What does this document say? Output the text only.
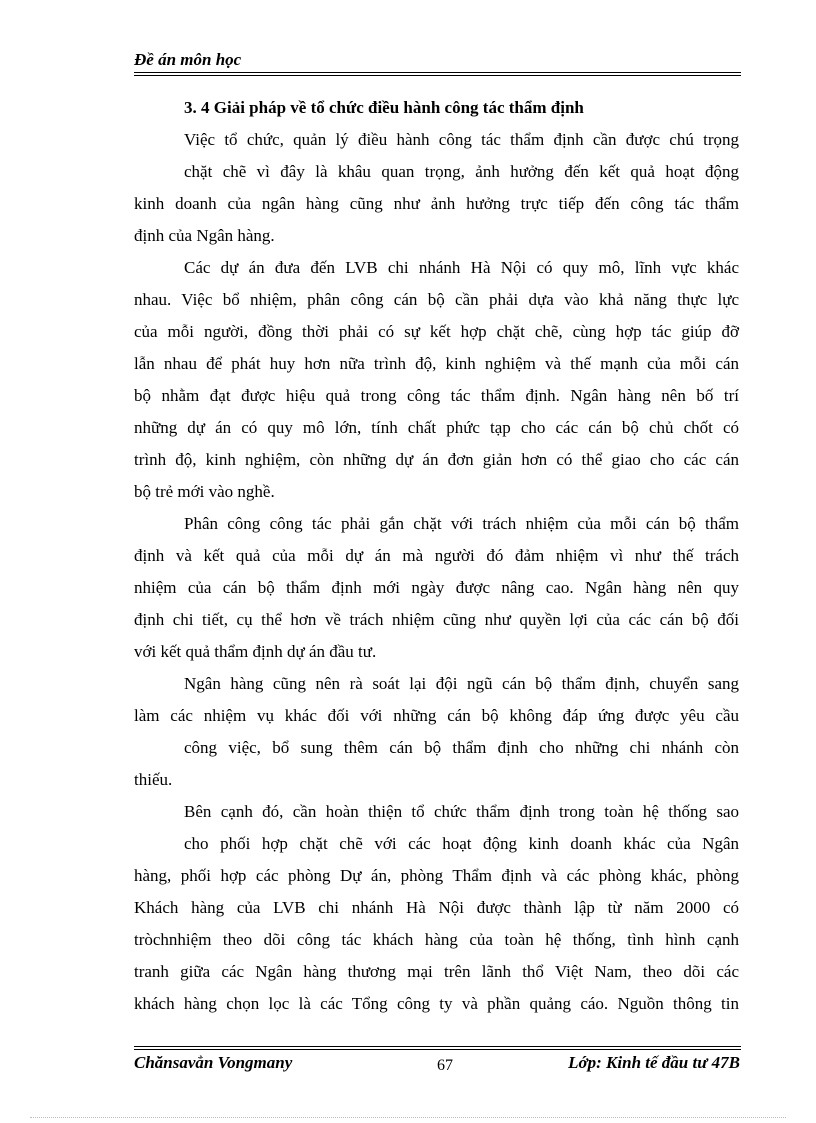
Đề án môn học
3. 4 Giải pháp về tổ chức điều hành công tác thẩm định
Việc tổ chức, quản lý điều hành công tác thẩm định cần được chú trọng
chặt chẽ vì đây là khâu quan trọng, ảnh hưởng đến kết quả hoạt động
kinh doanh của ngân hàng cũng như ảnh hưởng trực tiếp đến công tác thẩm
định của Ngân hàng.
Các dự án đưa đến LVB chi nhánh Hà Nội có quy mô, lĩnh vực khác
nhau. Việc bổ nhiệm, phân công cán bộ cần phải dựa vào khả năng thực lực
của mỗi người, đồng thời phải có sự kết hợp chặt chẽ, cùng hợp tác giúp đỡ
lẫn nhau để phát huy hơn nữa trình độ, kinh nghiệm và thế mạnh của mỗi cán
bộ nhằm đạt được hiệu quả trong công tác thẩm định. Ngân hàng nên bố trí
những dự án có quy mô lớn, tính chất phức tạp cho các cán bộ chủ chốt có
trình độ, kinh nghiệm, còn những dự án đơn giản hơn có thể giao cho các cán
bộ trẻ mới vào nghề.
Phân công công tác phải gắn chặt với trách nhiệm của mỗi cán bộ thẩm
định và kết quả của mỗi dự án mà người đó đảm nhiệm vì như thế trách
nhiệm của cán bộ thẩm định mới ngày được nâng cao. Ngân hàng nên quy
định chi tiết, cụ thể hơn về trách nhiệm cũng như quyền lợi của các cán bộ đối
với kết quả thẩm định dự án đầu tư.
Ngân hàng cũng nên rà soát lại đội ngũ cán bộ thẩm định, chuyển sang
làm các nhiệm vụ khác đối với những cán bộ không đáp ứng được yêu cầu
công việc, bổ sung thêm cán bộ thẩm định cho những chi nhánh còn
thiếu.
Bên cạnh đó, cần hoàn thiện tổ chức thẩm định trong toàn hệ thống sao
cho phối hợp chặt chẽ với các hoạt động kinh doanh khác của Ngân
hàng, phối hợp các phòng Dự án, phòng Thẩm định và các phòng khác, phòng
Khách hàng của LVB chi nhánh Hà Nội được thành lập từ năm 2000 có
tròchnhiệm theo dõi công tác khách hàng của toàn hệ thống, tình hình cạnh
tranh giữa các Ngân hàng thương mại trên lãnh thổ Việt Nam, theo dõi các
khách hàng chọn lọc là các Tổng công ty và phần quảng cáo. Nguồn thông tin
Chănsavẳn Vongmany	67	Lớp: Kinh tế đầu tư 47B
